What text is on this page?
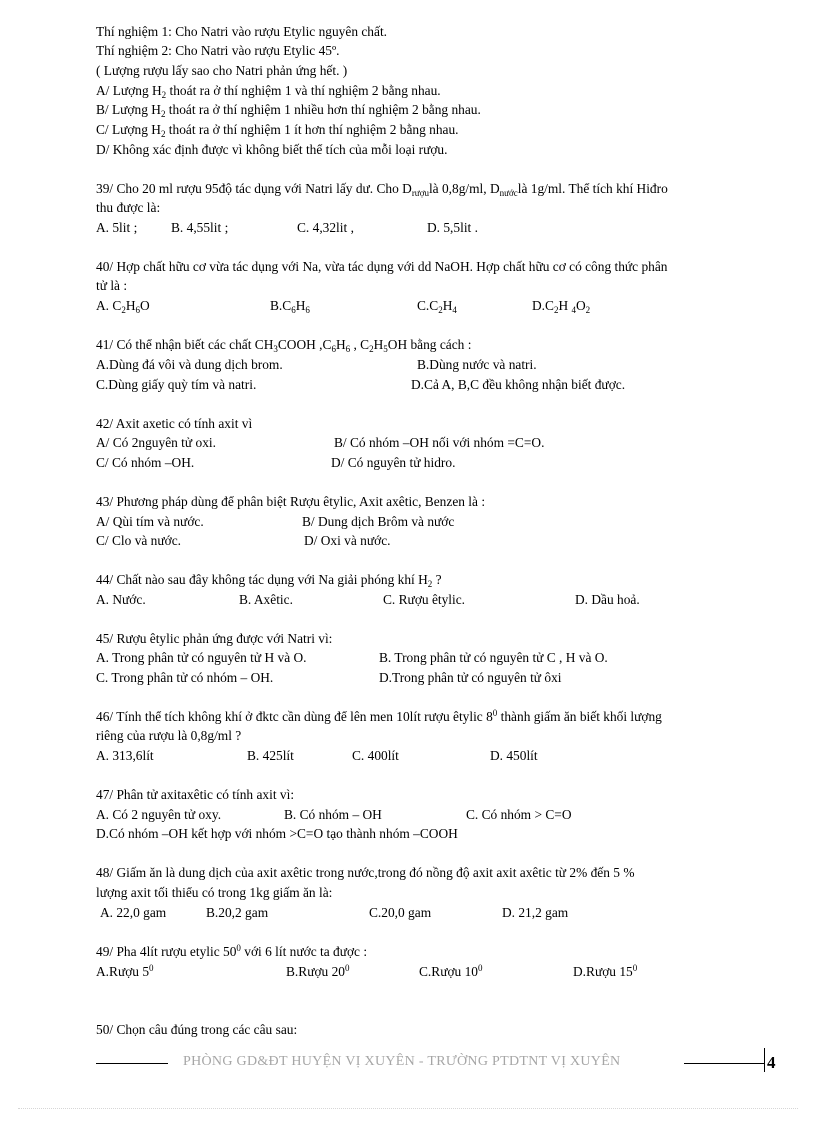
Thí nghiệm 1: Cho Natri vào rượu Etylic nguyên chất.
Thí nghiệm 2: Cho Natri vào rượu Etylic 45º.
( Lượng rượu lấy sao cho Natri phản ứng hết. )
A/ Lượng $H_2$ thoát ra ở thí nghiệm 1 và thí nghiệm 2 bằng nhau.
B/ Lượng $H_2$ thoát ra ở thí nghiệm 1 nhiều hơn thí nghiệm 2 bằng nhau.
C/ Lượng $H_2$ thoát ra ở thí nghiệm 1 ít hơn thí nghiệm 2 bằng nhau.
D/ Không xác định được vì không biết thể tích của mỗi loại rượu.
39/ Cho 20 ml rượu 95độ tác dụng với Natri lấy dư. Cho $D_{rượu}là$ 0,8g/ml, $D_{nước}là$ 1g/ml. Thể tích khí Hiđro
thu được là:
A. 5lit ;	B. 4,55lit ;	C. 4,32lit ,	D. 5,5lit .
40/ Hợp chất hữu cơ vừa tác dụng với Na, vừa tác dụng với dd NaOH. Hợp chất hữu cơ có công thức phân
tử là :
A. $C_2H_6O$	$B.C_6H_6$	$C.C_2H_4$	$D.C_2H$ $_4O_2$
41/ Có thể nhận biết các chất $CH_3COOH$ $,C_6H_6$ , $C_2H_5OH$ bằng cách :
A.Dùng đá vôi và dung dịch brom.	B.Dùng nước và natri.
C.Dùng giấy quỳ tím và natri.	D.Cả A, B,C đều không nhận biết được.
42/ Axit axetic có tính axit vì
A/ Có 2nguyên tử oxi.	B/ Có nhóm –OH nối với nhóm =C=O.
C/ Có nhóm –OH.	D/ Có nguyên tử hidro.
43/ Phương pháp dùng để phân biệt Rượu êtylic, Axit axêtic, Benzen là :
A/ Qùi tím và nước.	B/ Dung dịch Brôm và nước
C/ Clo và nước.	D/ Oxi và nước.
44/ Chất nào sau đây không tác dụng với Na giải phóng khí $H_2$ ?
A. Nước.	B. Axêtic.	C. Rượu êtylic.	D. Dầu hoả.
45/ Rượu êtylic phản ứng được với Natri vì:
A. Trong phân tử có nguyên tử H và O.	B. Trong phân tử có nguyên tử C , H và O.
C. Trong phân tử có nhóm – OH.	D.Trong phân tử có nguyên tử ôxi
46/ Tính thể tích không khí ở đktc cần dùng để lên men 10lít rượu êtylic $8^0$ thành giấm ăn biết khối lượng
riêng của rượu là 0,8g/ml ?
A. 313,6lít	B. 425lít	C. 400lít	D. 450lít
47/ Phân tử axitaxêtic có tính axit vì:
A. Có 2 nguyên tử oxy.	B. Có nhóm – OH	C. Có nhóm > C=O
D.Có nhóm –OH kết hợp với nhóm >C=O tạo thành nhóm –COOH
48/ Giấm ăn là dung dịch của axit axêtic trong nước,trong đó nồng độ axit axit axêtic từ 2% đến 5 %
lượng axit tối thiểu có trong 1kg giấm ăn là:
A. 22,0 gam	B.20,2 gam	C.20,0 gam	D. 21,2 gam
49/ Pha 4lít rượu etylic $50^0$ với 6 lít nước ta được :
A.Rượu $5^0$	B.Rượu $20^0$	C.Rượu $10^0$	D.Rượu $15^0$
50/ Chọn câu đúng trong các câu sau:
PHÒNG GD&ĐT HUYỆN VỊ XUYÊN - TRƯỜNG PTDTNT VỊ XUYÊN	4
